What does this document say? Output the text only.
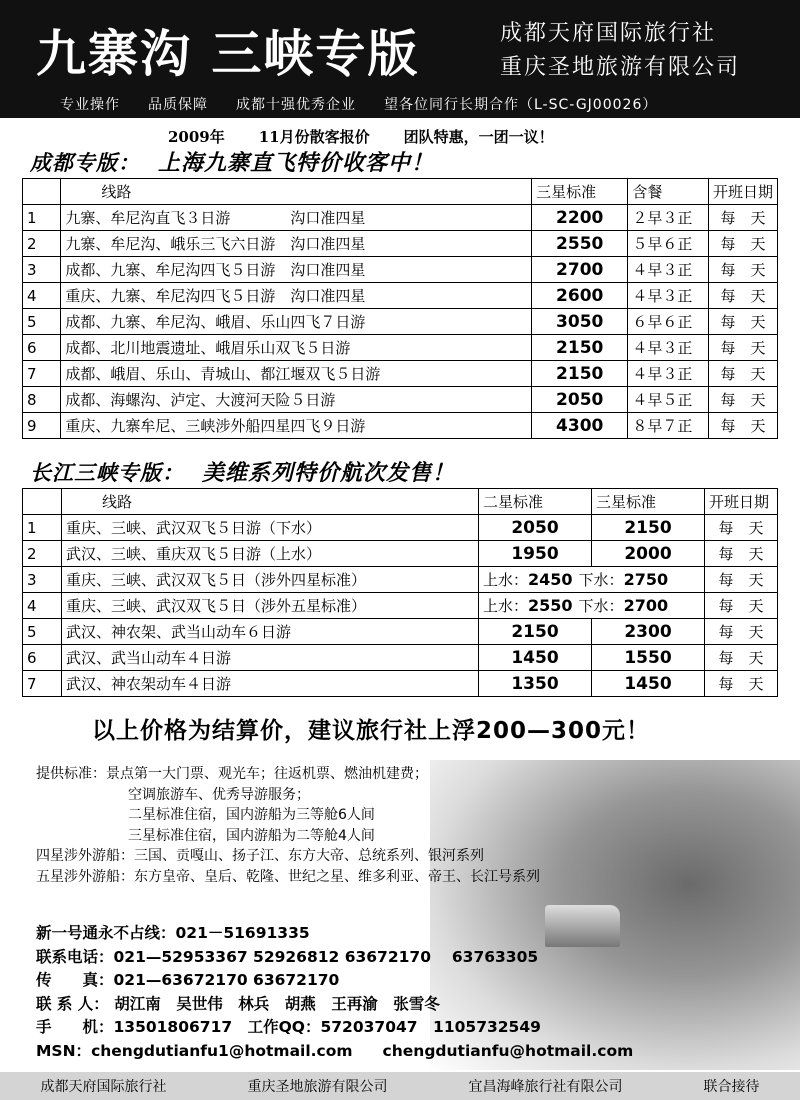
九寨沟 三峡专版	成都天府国际旅行社
重庆圣地旅游有限公司
专业操作 品质保障 成都十强优秀企业 望各位同行长期合作（L-SC-GJ00026）
2009年 11月份散客报价 团队特惠，一团一议！
成都专版： 上海九寨直飞特价收客中！
	线路	三星标准	含餐	开班日期
1	九寨、牟尼沟直飞３日游　　　　沟口准四星	2200	２早３正	每　天
2	九寨、牟尼沟、峨乐三飞六日游　沟口准四星	2550	５早６正	每　天
3	成都、九寨、牟尼沟四飞５日游　沟口准四星	2700	４早３正	每　天
4	重庆、九寨、牟尼沟四飞５日游　沟口准四星	2600	４早３正	每　天
5	成都、九寨、牟尼沟、峨眉、乐山四飞７日游	3050	６早６正	每　天
6	成都、北川地震遗址、峨眉乐山双飞５日游	2150	４早３正	每　天
7	成都、峨眉、乐山、青城山、都江堰双飞５日游	2150	４早３正	每　天
8	成都、海螺沟、泸定、大渡河天险５日游	2050	４早５正	每　天
9	重庆、九寨牟尼、三峡涉外船四星四飞９日游	4300	８早７正	每　天
长江三峡专版： 美维系列特价航次发售！
	线路	二星标准	三星标准	开班日期
1	重庆、三峡、武汉双飞５日游（下水）	2050	2150	每　天
2	武汉、三峡、重庆双飞５日游（上水）	1950	2000	每　天
3	重庆、三峡、武汉双飞５日（涉外四星标准）	上水：2450 下水：2750		每　天
4	重庆、三峡、武汉双飞５日（涉外五星标准）	上水：2550 下水：2700		每　天
5	武汉、神农架、武当山动车６日游	2150	2300	每　天
6	武汉、武当山动车４日游	1450	1550	每　天
7	武汉、神农架动车４日游	1350	1450	每　天
以上价格为结算价，建议旅行社上浮200—300元！
提供标准：景点第一大门票、观光车；往返机票、燃油机建费；
空调旅游车、优秀导游服务；
二星标准住宿，国内游船为三等舱6人间
三星标准住宿，国内游船为二等舱4人间
四星涉外游船：三国、贡嘎山、扬子江、东方大帝、总统系列、银河系列
五星涉外游船：东方皇帝、皇后、乾隆、世纪之星、维多利亚、帝王、长江号系列
新一号通永不占线：021－51691335
联系电话：021—52953367 52926812 63672170　 63763305
传　　真：021—63672170 63672170
联 系 人： 胡江南　吴世伟　林兵　胡燕　王再渝　张雪冬
手　　机：13501806717　工作QQ：572037047　1105732549
MSN：chengdutianfu1@hotmail.com chengdutianfu@hotmail.com
成都天府国际旅行社	重庆圣地旅游有限公司	宜昌海峰旅行社有限公司	联合接待
